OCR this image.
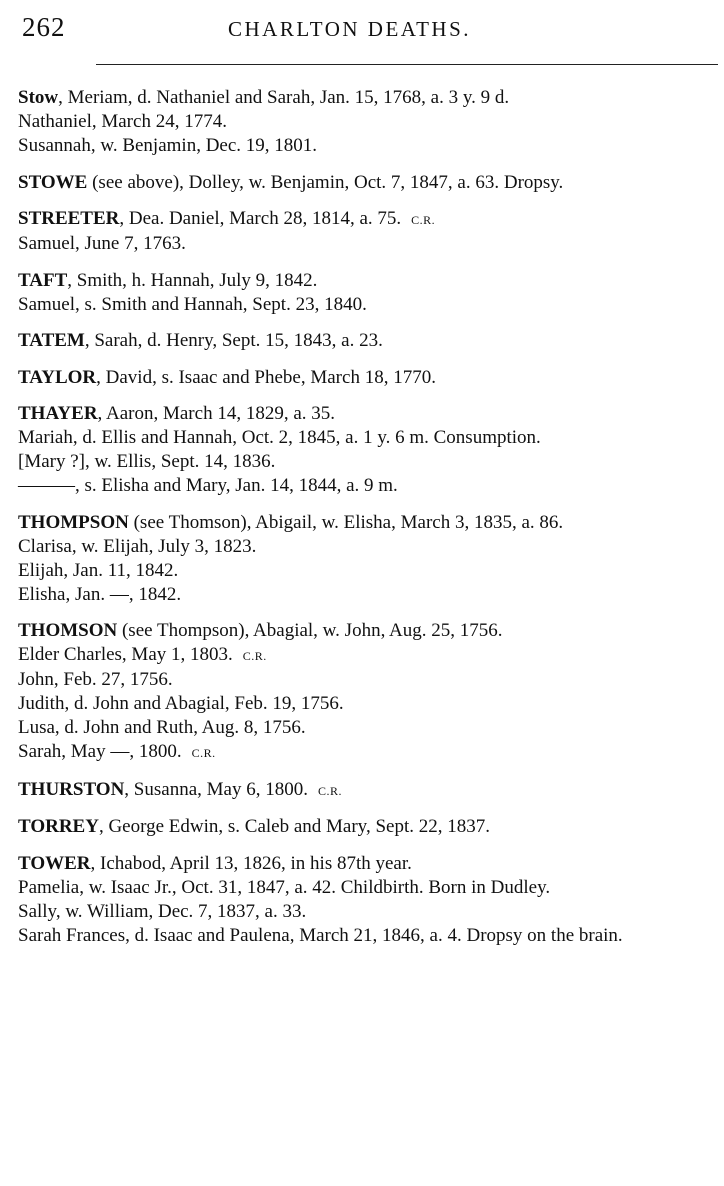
262	CHARLTON DEATHS.

Stow, Meriam, d. Nathaniel and Sarah, Jan. 15, 1768, a. 3 y. 9 d.

Nathaniel, March 24, 1774.

Susannah, w. Benjamin, Dec. 19, 1801.

STOWE (see above), Dolley, w. Benjamin, Oct. 7, 1847, a. 63. Dropsy.

STREETER, Dea. Daniel, March 28, 1814, a. 75. C.R.

Samuel, June 7, 1763.

TAFT, Smith, h. Hannah, July 9, 1842.

Samuel, s. Smith and Hannah, Sept. 23, 1840.

TATEM, Sarah, d. Henry, Sept. 15, 1843, a. 23.

TAYLOR, David, s. Isaac and Phebe, March 18, 1770.

THAYER, Aaron, March 14, 1829, a. 35.

Mariah, d. Ellis and Hannah, Oct. 2, 1845, a. 1 y. 6 m. Consumption.

[Mary ?], w. Ellis, Sept. 14, 1836.

———, s. Elisha and Mary, Jan. 14, 1844, a. 9 m.

THOMPSON (see Thomson), Abigail, w. Elisha, March 3, 1835, a. 86.

Clarisa, w. Elijah, July 3, 1823.

Elijah, Jan. 11, 1842.

Elisha, Jan. —, 1842.

THOMSON (see Thompson), Abagial, w. John, Aug. 25, 1756.

Elder Charles, May 1, 1803. C.R.

John, Feb. 27, 1756.

Judith, d. John and Abagial, Feb. 19, 1756.

Lusa, d. John and Ruth, Aug. 8, 1756.

Sarah, May —, 1800. C.R.

THURSTON, Susanna, May 6, 1800. C.R.

TORREY, George Edwin, s. Caleb and Mary, Sept. 22, 1837.

TOWER, Ichabod, April 13, 1826, in his 87th year.

Pamelia, w. Isaac Jr., Oct. 31, 1847, a. 42. Childbirth. Born in Dudley.

Sally, w. William, Dec. 7, 1837, a. 33.

Sarah Frances, d. Isaac and Paulena, March 21, 1846, a. 4. Dropsy on the brain.
